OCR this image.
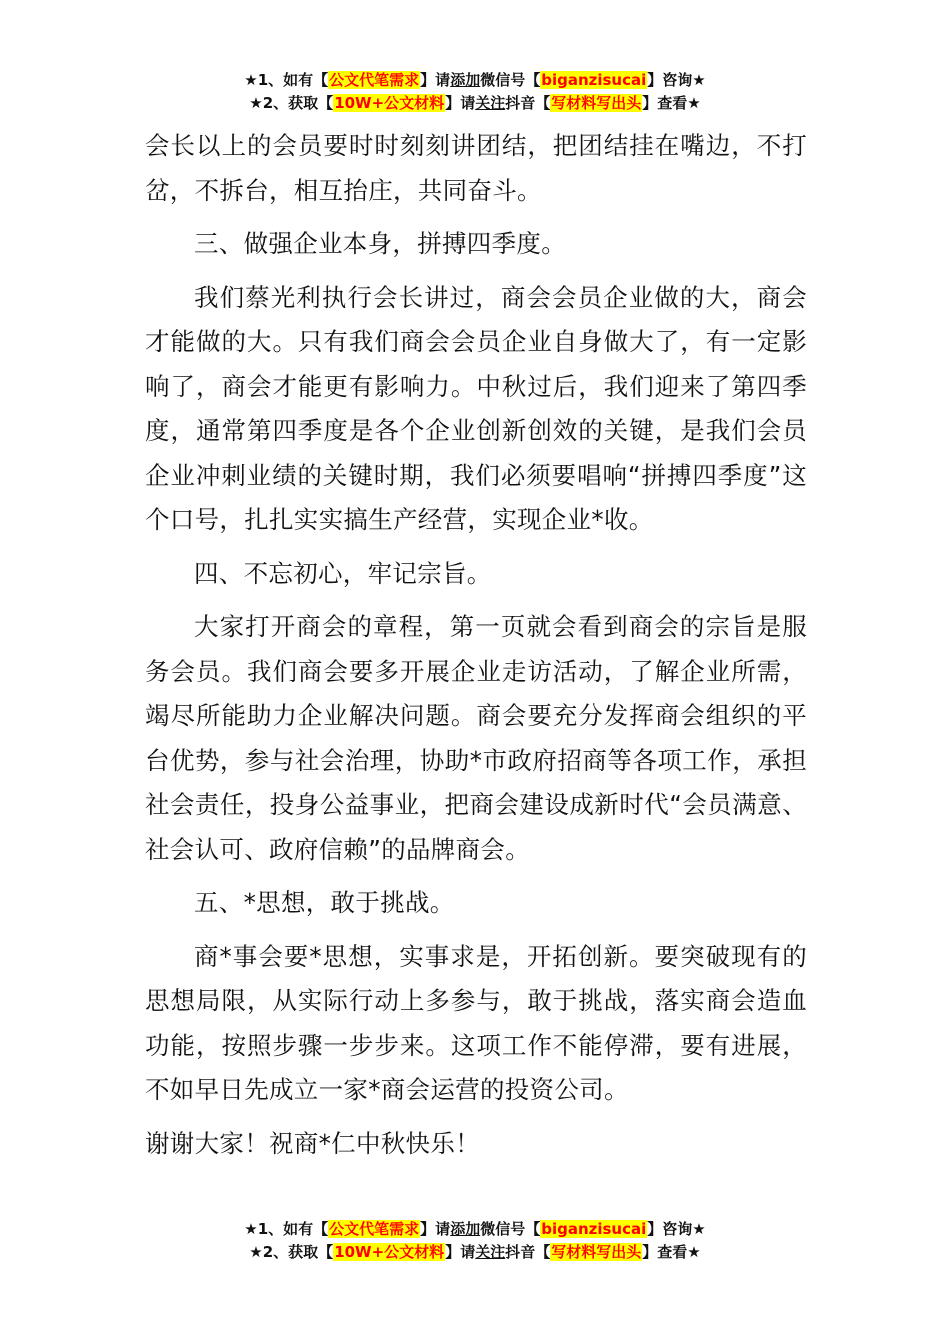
★1、如有【公文代笔需求】请添加微信号【biganzisucai】咨询★
★2、获取【10W+公文材料】请关注抖音【写材料写出头】查看★

会长以上的会员要时时刻刻讲团结，把团结挂在嘴边，不打岔，不拆台，相互抬庄，共同奋斗。

三、做强企业本身，拼搏四季度。

我们蔡光利执行会长讲过，商会会员企业做的大，商会才能做的大。只有我们商会会员企业自身做大了，有一定影响了，商会才能更有影响力。中秋过后，我们迎来了第四季度，通常第四季度是各个企业创新创效的关键，是我们会员企业冲刺业绩的关键时期，我们必须要唱响“拼搏四季度”这个口号，扎扎实实搞生产经营，实现企业*收。

四、不忘初心，牢记宗旨。

大家打开商会的章程，第一页就会看到商会的宗旨是服务会员。我们商会要多开展企业走访活动，了解企业所需，竭尽所能助力企业解决问题。商会要充分发挥商会组织的平台优势，参与社会治理，协助*市政府招商等各项工作，承担社会责任，投身公益事业，把商会建设成新时代“会员满意、社会认可、政府信赖”的品牌商会。

五、*思想，敢于挑战。

商*事会要*思想，实事求是，开拓创新。要突破现有的思想局限，从实际行动上多参与，敢于挑战，落实商会造血功能，按照步骤一步步来。这项工作不能停滞，要有进展，不如早日先成立一家*商会运营的投资公司。

谢谢大家！祝商*仁中秋快乐！

★1、如有【公文代笔需求】请添加微信号【biganzisucai】咨询★
★2、获取【10W+公文材料】请关注抖音【写材料写出头】查看★
